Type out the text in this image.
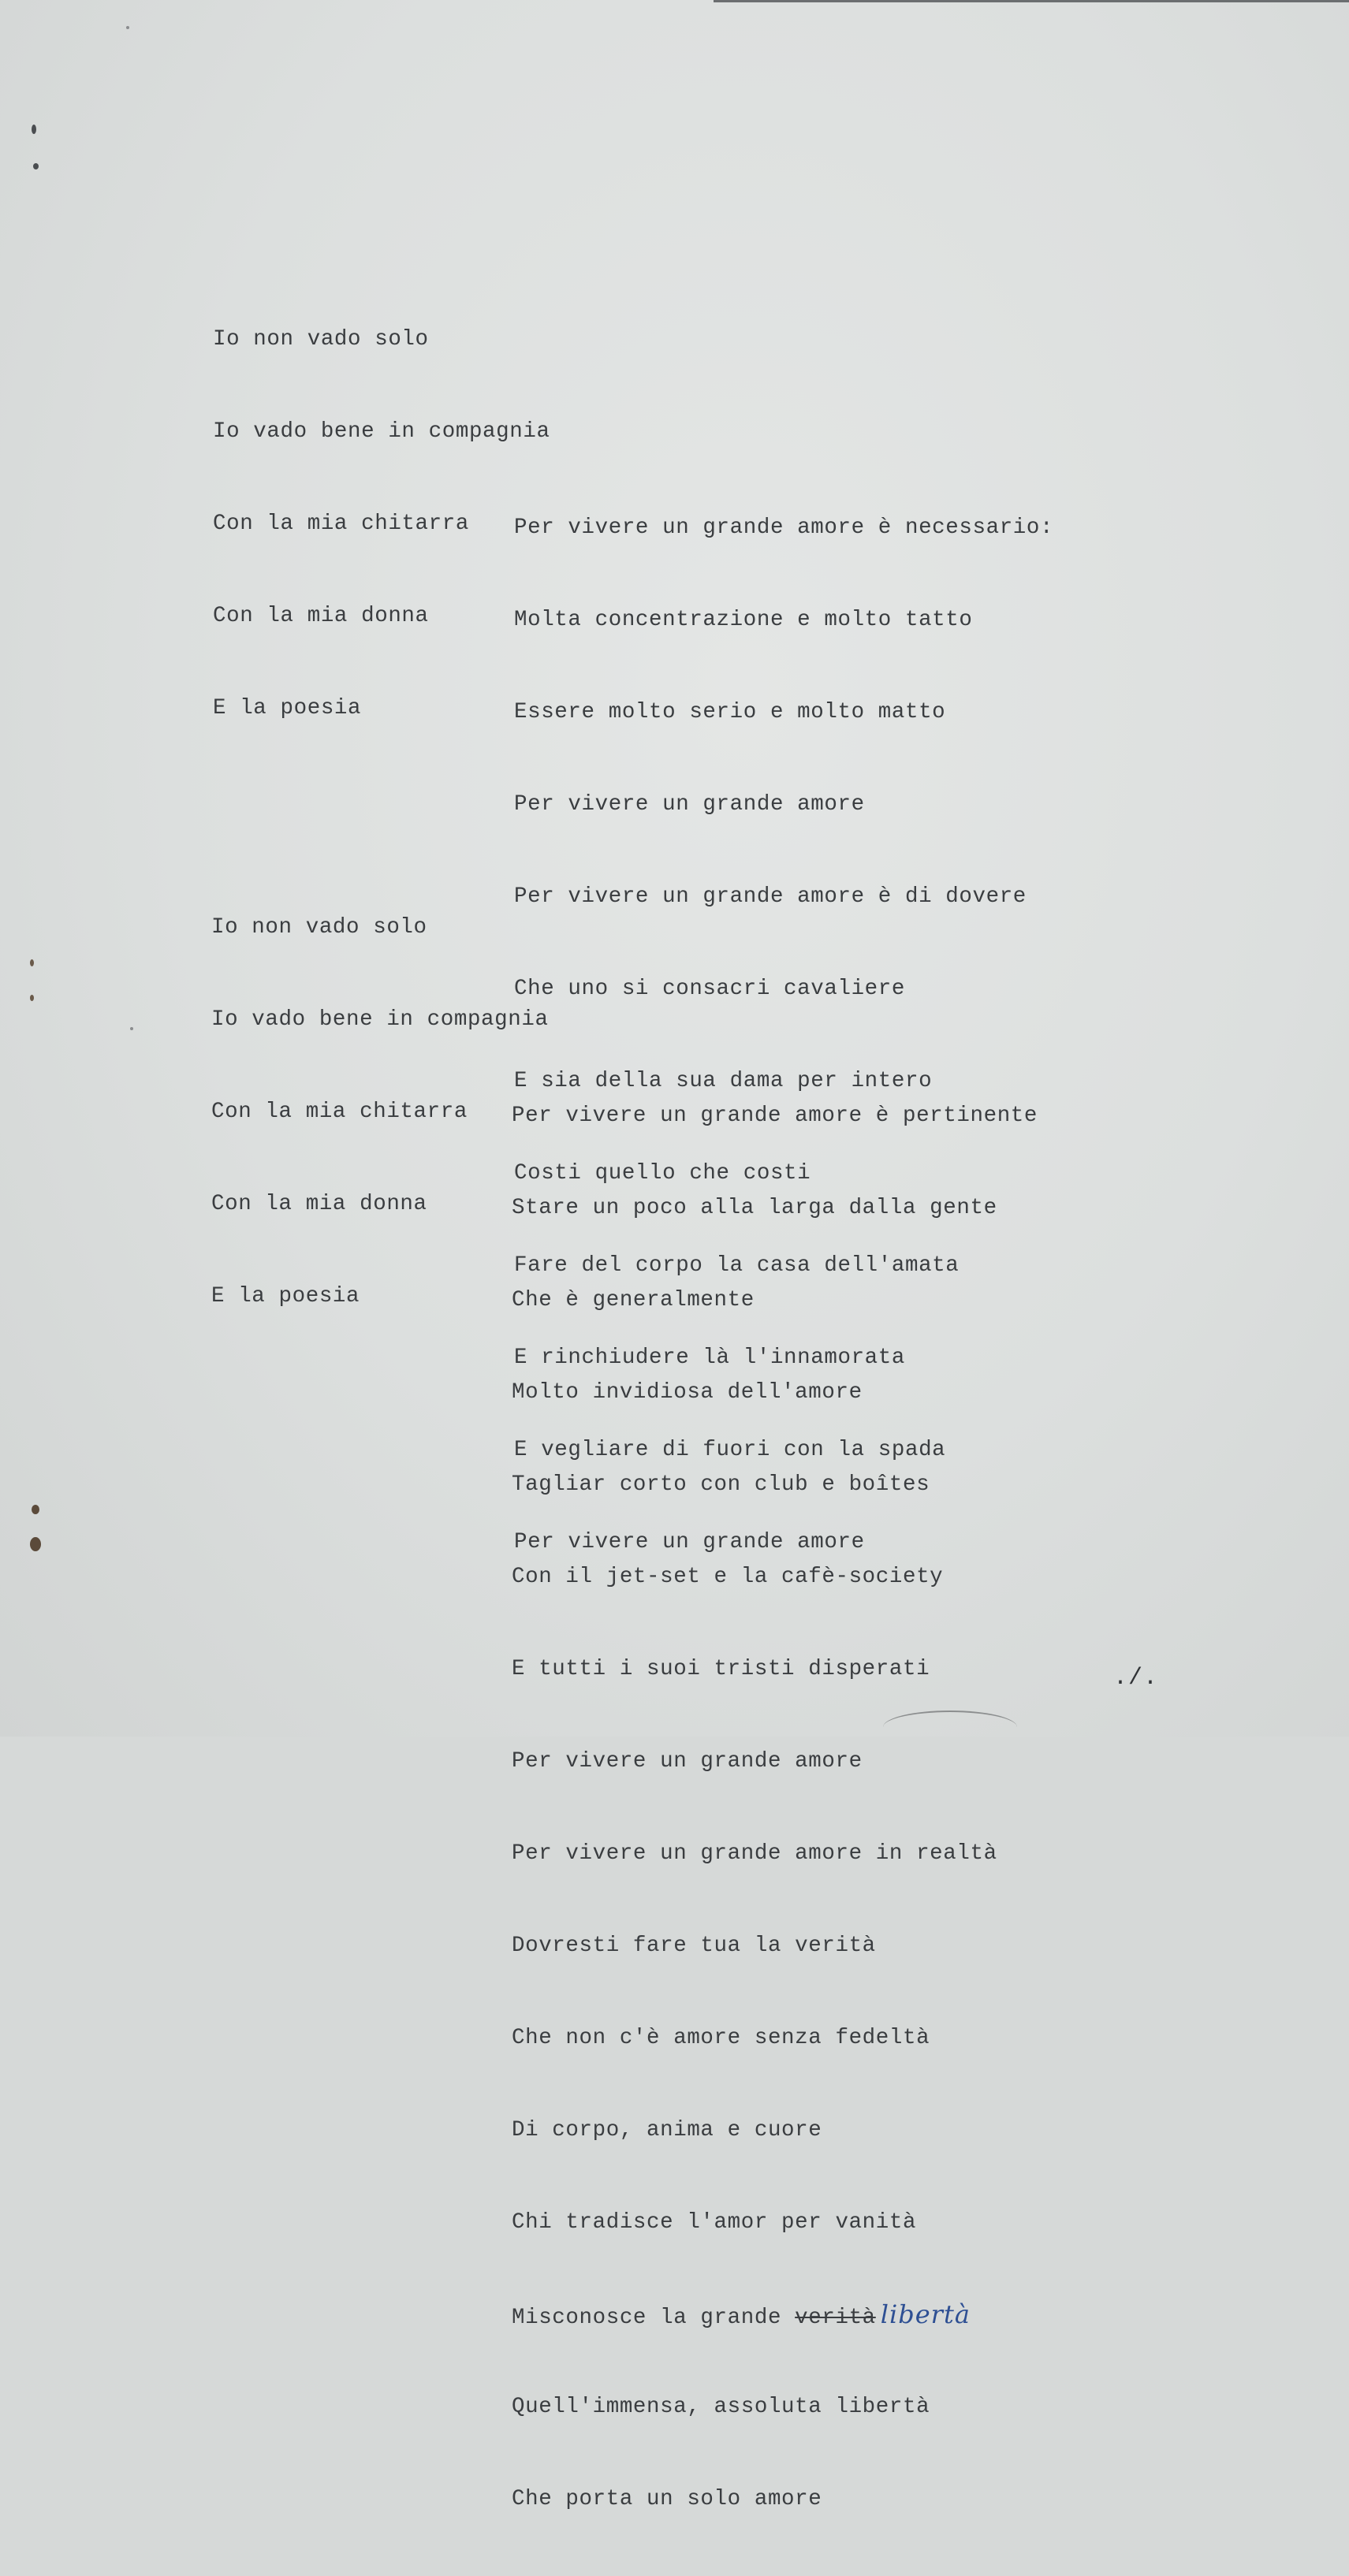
Io non vado solo

Io vado bene in compagnia

Con la mia chitarra

Con la mia donna

E la poesia

Per vivere un grande amore è necessario:

Molta concentrazione e molto tatto

Essere molto serio e molto matto

Per vivere un grande amore

Per vivere un grande amore è di dovere

Che uno si consacri cavaliere

E sia della sua dama per intero

Costi quello che costi

Fare del corpo la casa dell'amata

E rinchiudere là l'innamorata

E vegliare di fuori con la spada

Per vivere un grande amore

Io non vado solo

Io vado bene in compagnia

Con la mia chitarra

Con la mia donna

E la poesia

Per vivere un grande amore è pertinente

Stare un poco alla larga dalla gente

Che è generalmente

Molto invidiosa dell'amore

Tagliar corto con club e boîtes

Con il jet-set e la cafè-society

E tutti i suoi tristi disperati

Per vivere un grande amore

Per vivere un grande amore in realtà

Dovresti fare tua la verità

Che non c'è amore senza fedeltà

Di corpo, anima e cuore

Chi tradisce l'amor per vanità

Misconosce la grande verità libertà

Quell'immensa, assoluta libertà

Che porta un solo amore

./.
